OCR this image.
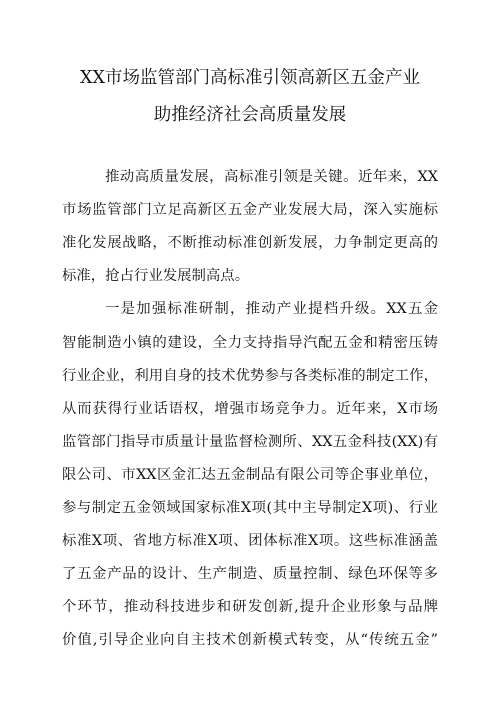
XX市场监管部门高标准引领高新区五金产业
助推经济社会高质量发展
推动高质量发展，高标准引领是关键。近年来，XX
市场监管部门立足高新区五金产业发展大局，深入实施标
准化发展战略，不断推动标准创新发展，力争制定更高的
标准，抢占行业发展制高点。
一是加强标准研制，推动产业提档升级。XX五金
智能制造小镇的建设，全力支持指导汽配五金和精密压铸
行业企业，利用自身的技术优势参与各类标准的制定工作，
从而获得行业话语权，增强市场竞争力。近年来，X市场
监管部门指导市质量计量监督检测所、XX五金科技(XX)有
限公司、市XX区金汇达五金制品有限公司等企事业单位，
参与制定五金领域国家标准X项(其中主导制定X项)、行业
标准X项、省地方标准X项、团体标准X项。这些标准涵盖
了五金产品的设计、生产制造、质量控制、绿色环保等多
个环节，推动科技进步和研发创新,提升企业形象与品牌
价值,引导企业向自主技术创新模式转变，从“传统五金”
